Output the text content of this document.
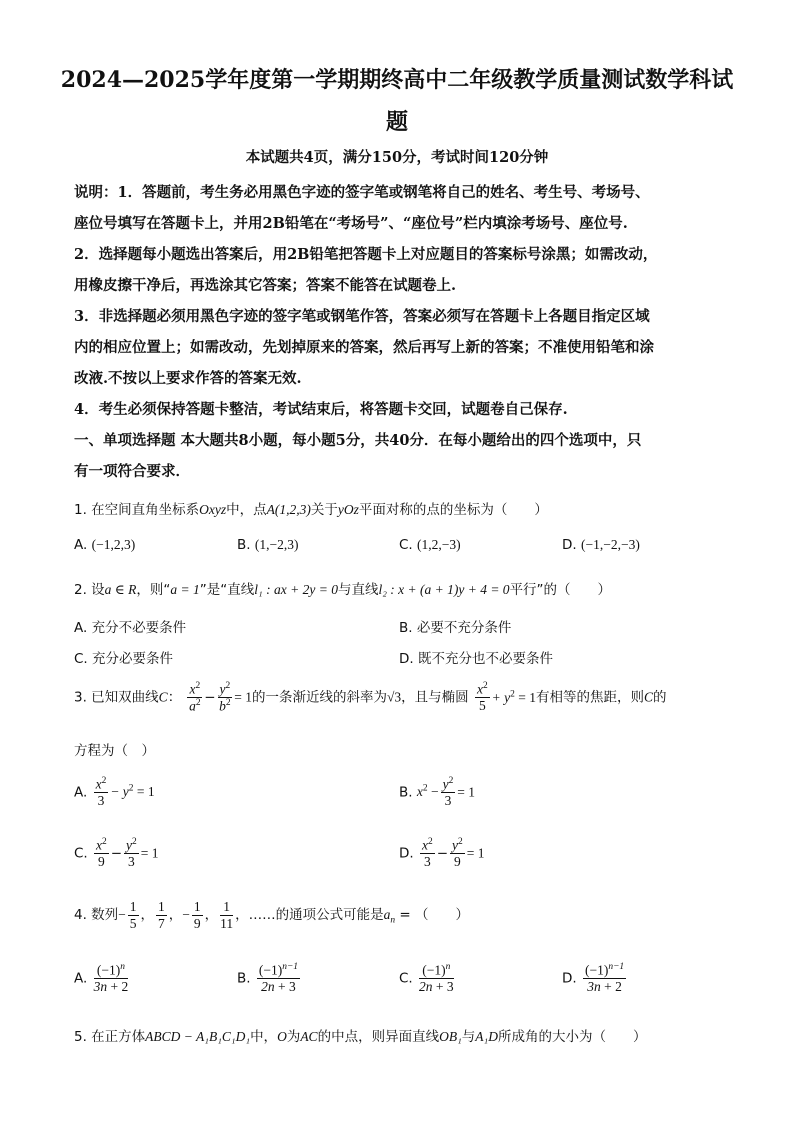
2024—2025学年度第一学期期终高中二年级教学质量测试数学科试
题
本试题共4页，满分150分，考试时间120分钟
说明：1．答题前，考生务必用黑色字迹的签字笔或钢笔将自己的姓名、考生号、考场号、
座位号填写在答题卡上，并用2B铅笔在“考场号”、“座位号”栏内填涂考场号、座位号.
2．选择题每小题选出答案后，用2B铅笔把答题卡上对应题目的答案标号涂黑；如需改动，
用橡皮擦干净后，再选涂其它答案；答案不能答在试题卷上.
3．非选择题必须用黑色字迹的签字笔或钢笔作答，答案必须写在答题卡上各题目指定区域
内的相应位置上；如需改动，先划掉原来的答案，然后再写上新的答案；不准使用铅笔和涂
改液.不按以上要求作答的答案无效.
4．考生必须保持答题卡整洁，考试结束后，将答题卡交回，试题卷自己保存.
一、单项选择题 本大题共8小题，每小题5分，共40分．在每小题给出的四个选项中，只
有一项符合要求．
1. 在空间直角坐标系Oxyz中，点A(1,2,3)关于yOz平面对称的点的坐标为（　　）
A. (−1,2,3)	B. (1,−2,3)	C. (1,2,−3)	D. (−1,−2,−3)
2. 设a ∈ R，则“a = 1”是“直线l₁ : ax + 2y = 0与直线l₂ : x + (a + 1)y + 4 = 0平行”的（　　）
A. 充分不必要条件	B. 必要不充分条件
C. 充分必要条件	D. 既不充分也不必要条件
3. 已知双曲线C： $\frac{x^2}{a^2} - \frac{y^2}{b^2} = 1$的一条渐近线的斜率为√3，且与椭圆 $\frac{x^2}{5} + y^2 = 1$有相等的焦距，则C的
方程为（　）
A. $\frac{x^2}{3} - y^2 = 1$	B. $x^2 - \frac{y^2}{3} = 1$
C. $\frac{x^2}{9} - \frac{y^2}{3} = 1$	D. $\frac{x^2}{3} - \frac{y^2}{9} = 1$
4. 数列− $\frac{1}{5}$ ， $\frac{1}{7}$ ，− $\frac{1}{9}$ ， $\frac{1}{11}$ ，……的通项公式可能是$a_n$ = （　　）
A. $\frac{(-1)^n}{3n + 2}$	B. $\frac{(-1)^{n-1}}{2n + 3}$	C. $\frac{(-1)^n}{2n + 3}$	D. $\frac{(-1)^{n-1}}{3n + 2}$
5. 在正方体ABCD − A₁B₁C₁D₁中，O为AC的中点，则异面直线OB₁与A₁D所成角的大小为（　　）
